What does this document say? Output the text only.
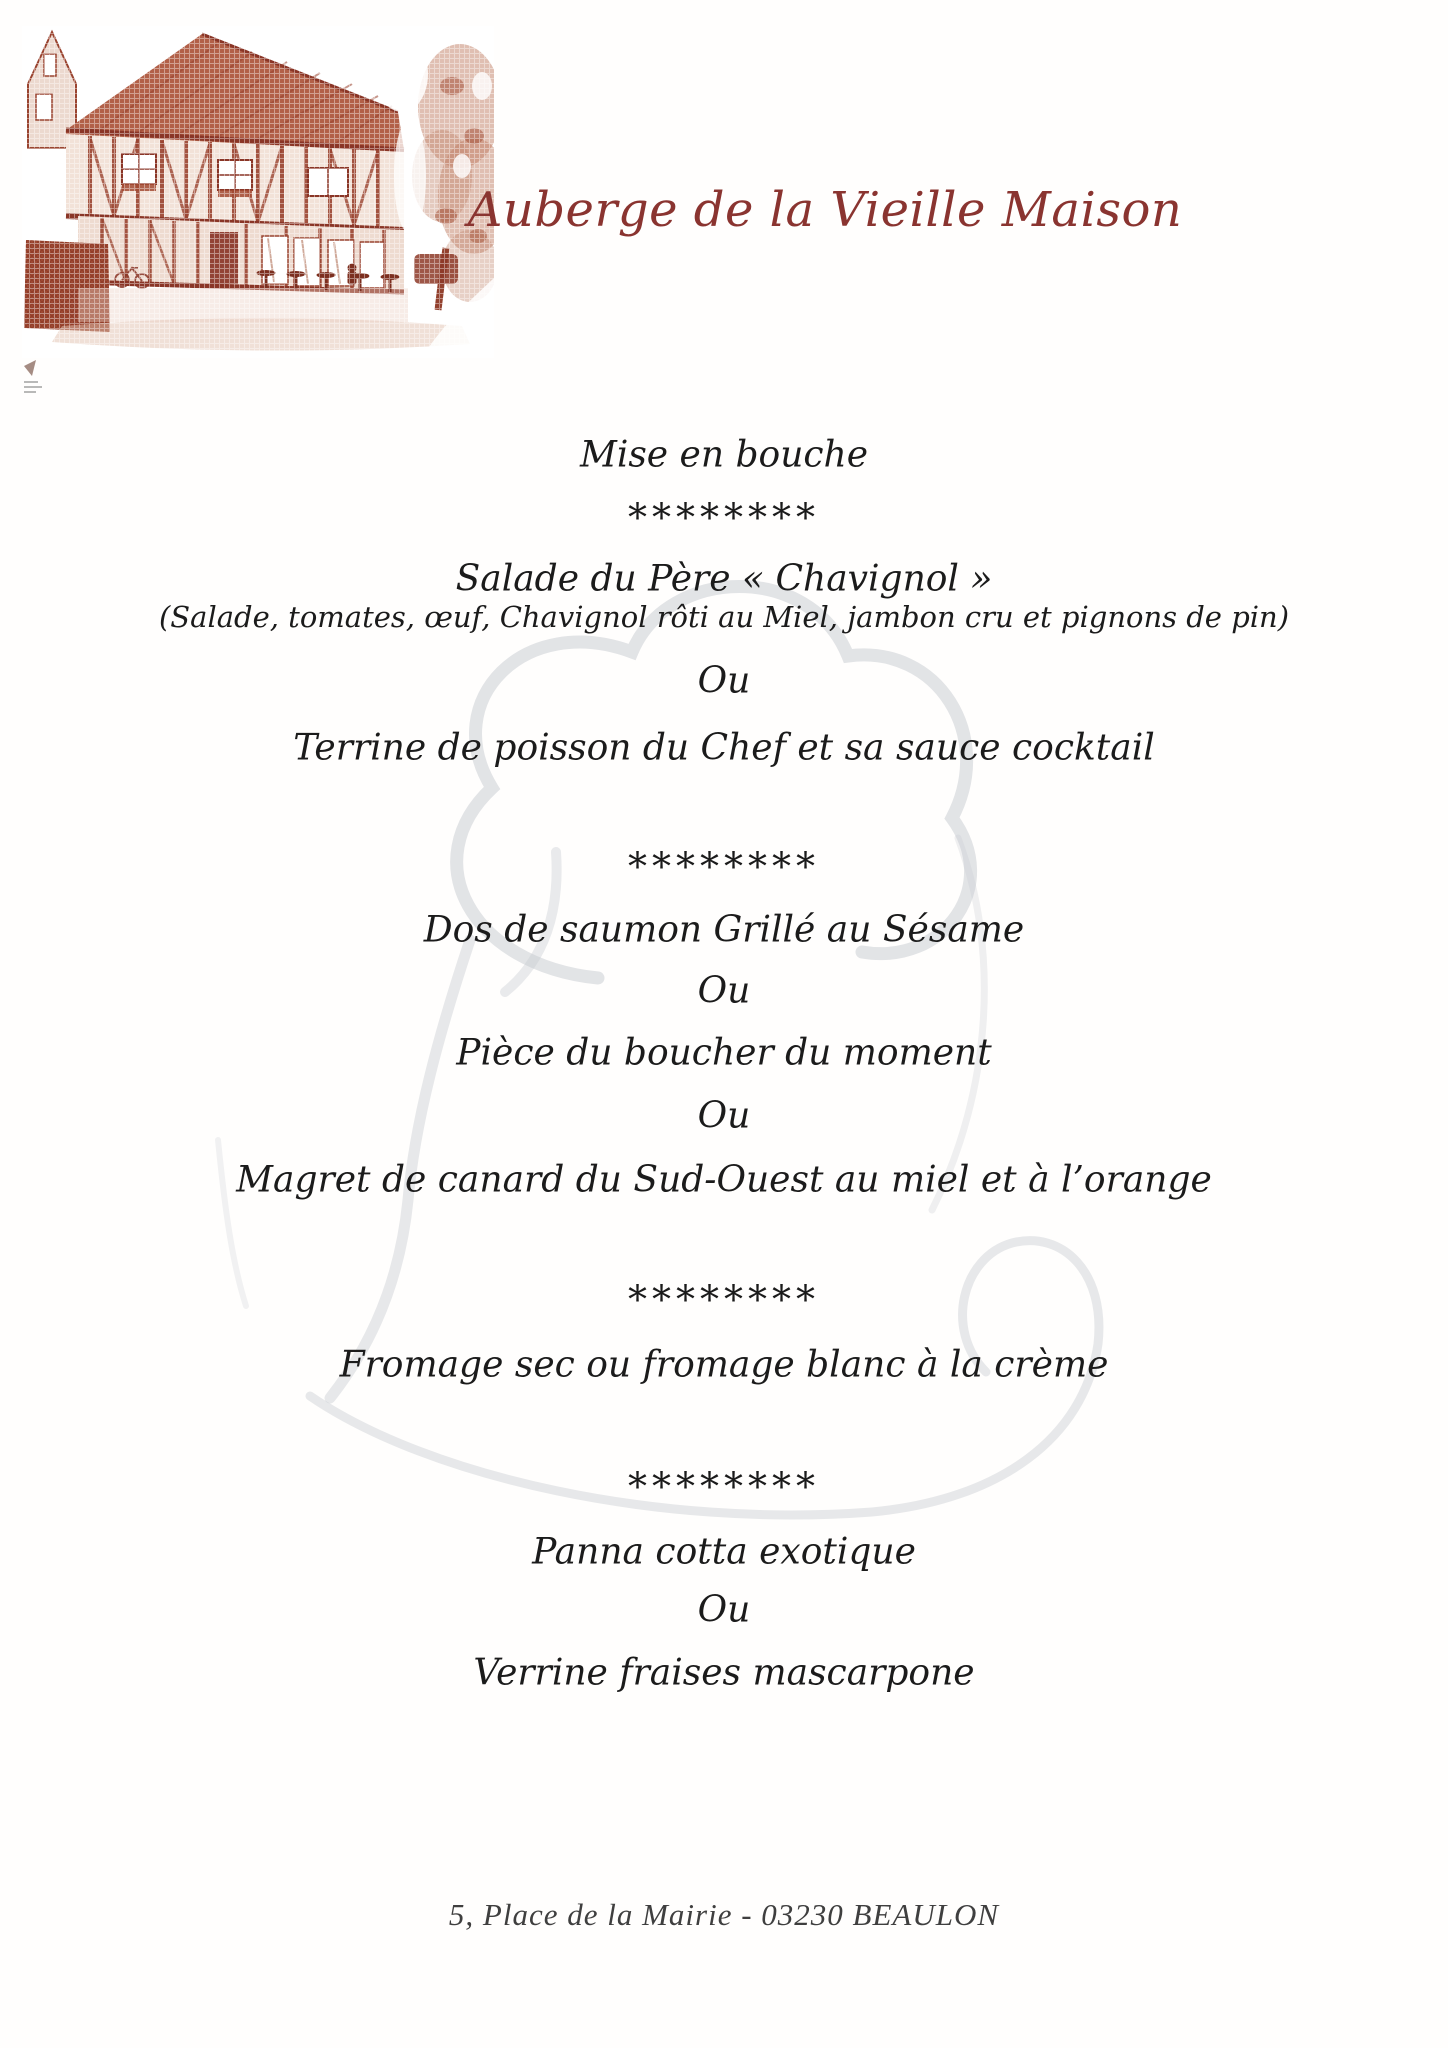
Auberge de la Vieille Maison
Mise en bouche
********
Salade du Père « Chavignol »
(Salade, tomates, œuf, Chavignol rôti au Miel, jambon cru et pignons de pin)
Ou
Terrine de poisson du Chef et sa sauce cocktail
********
Dos de saumon Grillé au Sésame
Ou
Pièce du boucher du moment
Ou
Magret de canard du Sud-Ouest au miel et à l’orange
********
Fromage sec ou fromage blanc à la crème
********
Panna cotta exotique
Ou
Verrine fraises mascarpone
5, Place de la Mairie - 03230 BEAULON
